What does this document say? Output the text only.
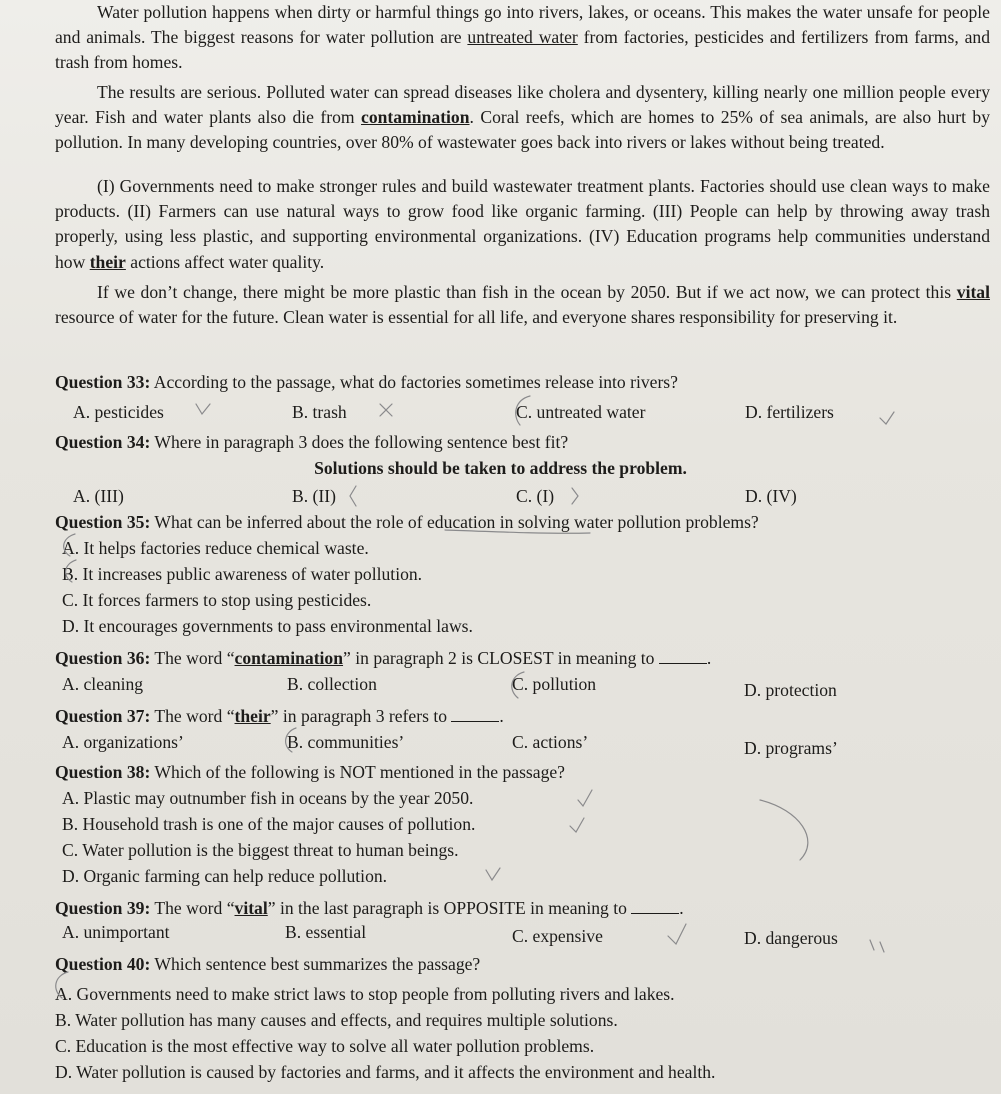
Water pollution happens when dirty or harmful things go into rivers, lakes, or oceans. This makes the water unsafe for people and animals. The biggest reasons for water pollution are untreated water from factories, pesticides and fertilizers from farms, and trash from homes.
The results are serious. Polluted water can spread diseases like cholera and dysentery, killing nearly one million people every year. Fish and water plants also die from contamination. Coral reefs, which are homes to 25% of sea animals, are also hurt by pollution. In many developing countries, over 80% of wastewater goes back into rivers or lakes without being treated.
(I) Governments need to make stronger rules and build wastewater treatment plants. Factories should use clean ways to make products. (II) Farmers can use natural ways to grow food like organic farming. (III) People can help by throwing away trash properly, using less plastic, and supporting environmental organizations. (IV) Education programs help communities understand how their actions affect water quality.
If we don’t change, there might be more plastic than fish in the ocean by 2050. But if we act now, we can protect this vital resource of water for the future. Clean water is essential for all life, and everyone shares responsibility for preserving it.
Question 33: According to the passage, what do factories sometimes release into rivers?
A. pesticides	B. trash	C. untreated water	D. fertilizers
Question 34: Where in paragraph 3 does the following sentence best fit?
Solutions should be taken to address the problem.
A. (III)	B. (II)	C. (I)	D. (IV)
Question 35: What can be inferred about the role of education in solving water pollution problems?
A. It helps factories reduce chemical waste.
B. It increases public awareness of water pollution.
C. It forces farmers to stop using pesticides.
D. It encourages governments to pass environmental laws.
Question 36: The word “contamination” in paragraph 2 is CLOSEST in meaning to	.
A. cleaning	B. collection	C. pollution	D. protection
Question 37: The word “their” in paragraph 3 refers to	.
A. organizations’	B. communities’	C. actions’	D. programs’
Question 38: Which of the following is NOT mentioned in the passage?
A. Plastic may outnumber fish in oceans by the year 2050.
B. Household trash is one of the major causes of pollution.
C. Water pollution is the biggest threat to human beings.
D. Organic farming can help reduce pollution.
Question 39: The word “vital” in the last paragraph is OPPOSITE in meaning to	.
A. unimportant	B. essential	C. expensive	D. dangerous
Question 40: Which sentence best summarizes the passage?
A. Governments need to make strict laws to stop people from polluting rivers and lakes.
B. Water pollution has many causes and effects, and requires multiple solutions.
C. Education is the most effective way to solve all water pollution problems.
D. Water pollution is caused by factories and farms, and it affects the environment and health.
